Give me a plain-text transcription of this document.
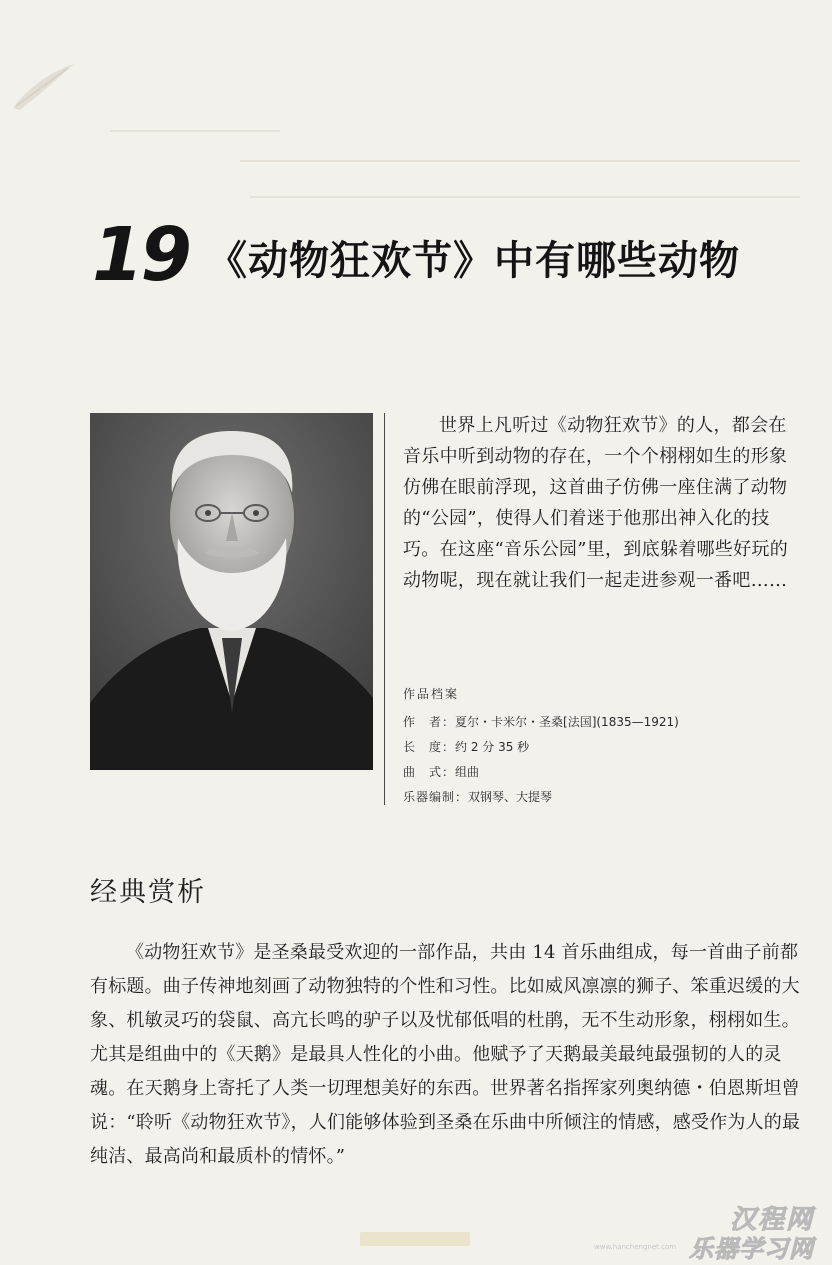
19 《动物狂欢节》中有哪些动物

世界上凡听过《动物狂欢节》的人，都会在音乐中听到动物的存在，一个个栩栩如生的形象仿佛在眼前浮现，这首曲子仿佛一座住满了动物的“公园”，使得人们着迷于他那出神入化的技巧。在这座“音乐公园”里，到底躲着哪些好玩的动物呢，现在就让我们一起走进参观一番吧……

作品档案
作　者：夏尔・卡米尔・圣桑[法国](1835—1921)
长　度：约 2 分 35 秒
曲　式：组曲
乐器编制：双钢琴、大提琴
经典赏析

《动物狂欢节》是圣桑最受欢迎的一部作品，共由 14 首乐曲组成，每一首曲子前都有标题。曲子传神地刻画了动物独特的个性和习性。比如威风凛凛的狮子、笨重迟缓的大象、机敏灵巧的袋鼠、高亢长鸣的驴子以及忧郁低唱的杜鹃，无不生动形象，栩栩如生。尤其是组曲中的《天鹅》是最具人性化的小曲。他赋予了天鹅最美最纯最强韧的人的灵魂。在天鹅身上寄托了人类一切理想美好的东西。世界著名指挥家列奥纳德・伯恩斯坦曾说：“聆听《动物狂欢节》，人们能够体验到圣桑在乐曲中所倾注的情感，感受作为人的最纯洁、最高尚和最质朴的情怀。”

汉程网
乐器学习网
www.hanchengnet.com
